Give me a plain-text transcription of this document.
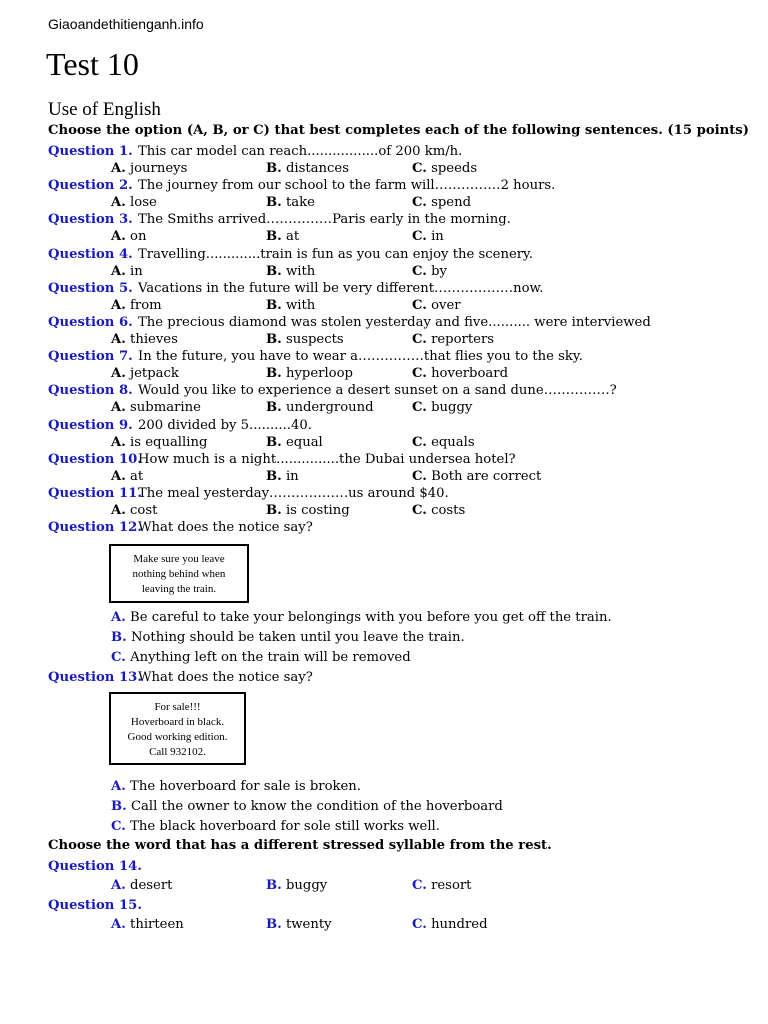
Giaoandethitienganh.info
Test 10
Use of English
Choose the option (A, B, or C) that best completes each of the following sentences. (15 points)
Question 1. This car model can reach.................of 200 km/h.
A. journeys	B. distances	C. speeds
Question 2. The journey from our school to the farm will……………2 hours.
A. lose	B. take	C. spend
Question 3. The Smiths arrived……………Paris early in the morning.
A. on	B. at	C. in
Question 4. Travelling.............train is fun as you can enjoy the scenery.
A. in	B. with	C. by
Question 5. Vacations in the future will be very different………………now.
A. from	B. with	C. over
Question 6. The precious diamond was stolen yesterday and five.......... were interviewed
A. thieves	B. suspects	C. reporters
Question 7. In the future, you have to wear a……………that flies you to the sky.
A. jetpack	B. hyperloop	C. hoverboard
Question 8. Would you like to experience a desert sunset on a sand dune……………?
A. submarine	B. underground	C. buggy
Question 9. 200 divided by 5..........40.
A. is equalling	B. equal	C. equals
Question 10.How much is a night...............the Dubai undersea hotel?
A. at	B. in	C. Both are correct
Question 11.The meal yesterday………………us around $40.
A. cost	B. is costing	C. costs
Question 12.What does the notice say?
Make sure you leave
nothing behind when
leaving the train.
A. Be careful to take your belongings with you before you get off the train.
B. Nothing should be taken until you leave the train.
C. Anything left on the train will be removed
Question 13.What does the notice say?
For sale!!!
Hoverboard in black.
Good working edition.
Call 932102.
A. The hoverboard for sale is broken.
B. Call the owner to know the condition of the hoverboard
C. The black hoverboard for sole still works well.
Choose the word that has a different stressed syllable from the rest.
Question 14.
A. desert	B. buggy	C. resort
Question 15.
A. thirteen	B. twenty	C. hundred
